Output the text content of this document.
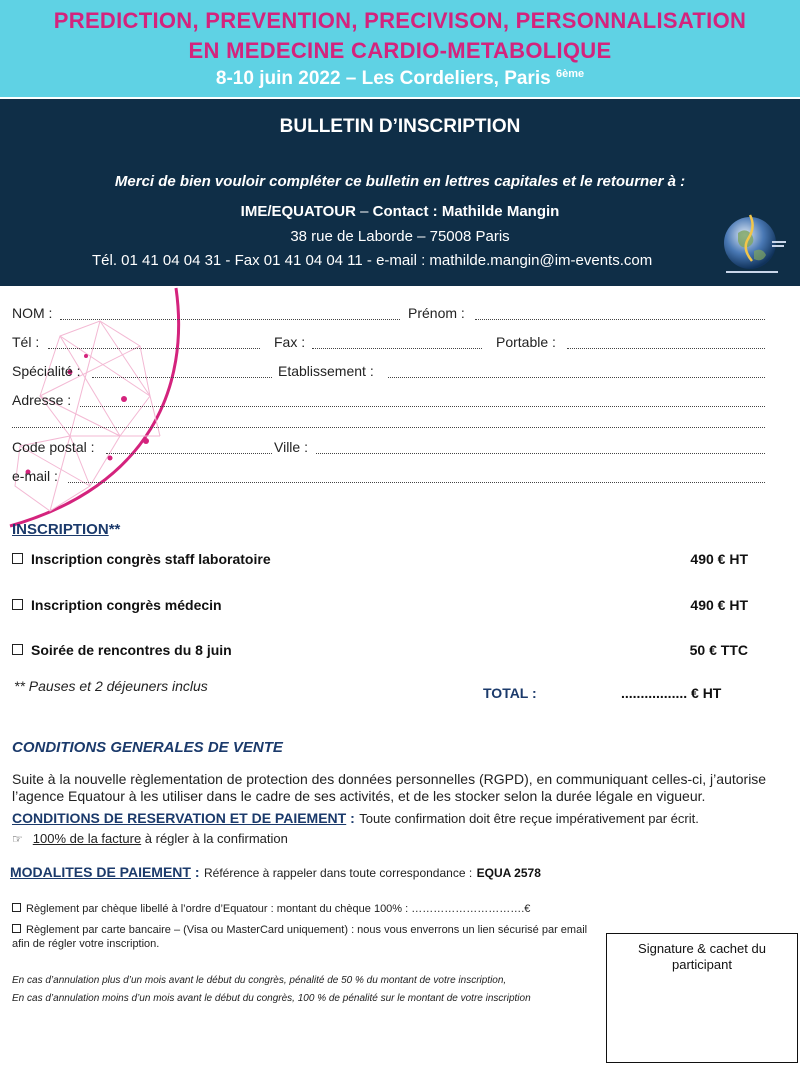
PREDICTION, PREVENTION, PRECIVISON, PERSONNALISATION
EN MEDECINE CARDIO-METABOLIQUE
8-10 juin 2022 – Les Cordeliers, Paris $^{6ème}$
BULLETIN D’INSCRIPTION
Merci de bien vouloir compléter ce bulletin en lettres capitales et le retourner à :
IME/EQUATOUR – Contact : Mathilde Mangin
38 rue de Laborde – 75008 Paris
Tél. 01 41 04 04 31 - Fax 01 41 04 04 11 - e-mail : mathilde.mangin@im-events.com
NOM :	Prénom :
Tél :	Fax :	Portable :
Spécialité :	Etablissement :
Adresse :
Code postal :	Ville :
e-mail :
INSCRIPTION**
Inscription congrès staff laboratoire	490 € HT
Inscription congrès médecin	490 € HT
Soirée de rencontres du 8 juin	50 € TTC
** Pauses et 2 déjeuners inclus	TOTAL :	................. € HT
CONDITIONS GENERALES DE VENTE
Suite à la nouvelle règlementation de protection des données personnelles (RGPD), en communiquant celles-ci, j’autorise l’agence Equatour à les utiliser dans le cadre de ses activités, et de les stocker selon la durée légale en vigueur.
CONDITIONS DE RESERVATION ET DE PAIEMENT : Toute confirmation doit être reçue impérativement par écrit.
☞ 100% de la facture à régler à la confirmation
MODALITES DE PAIEMENT : Référence à rappeler dans toute correspondance : EQUA 2578
Règlement par chèque libellé à l’ordre d’Equatour : montant du chèque 100% : ………………………….€
Règlement par carte bancaire – (Visa ou MasterCard uniquement) : nous vous enverrons un lien sécurisé par email afin de régler votre inscription.
En cas d’annulation plus d’un mois avant le début du congrès, pénalité de 50 % du montant de votre inscription,
En cas d’annulation moins d’un mois avant le début du congrès, 100 % de pénalité sur le montant de votre inscription
Signature & cachet du participant
